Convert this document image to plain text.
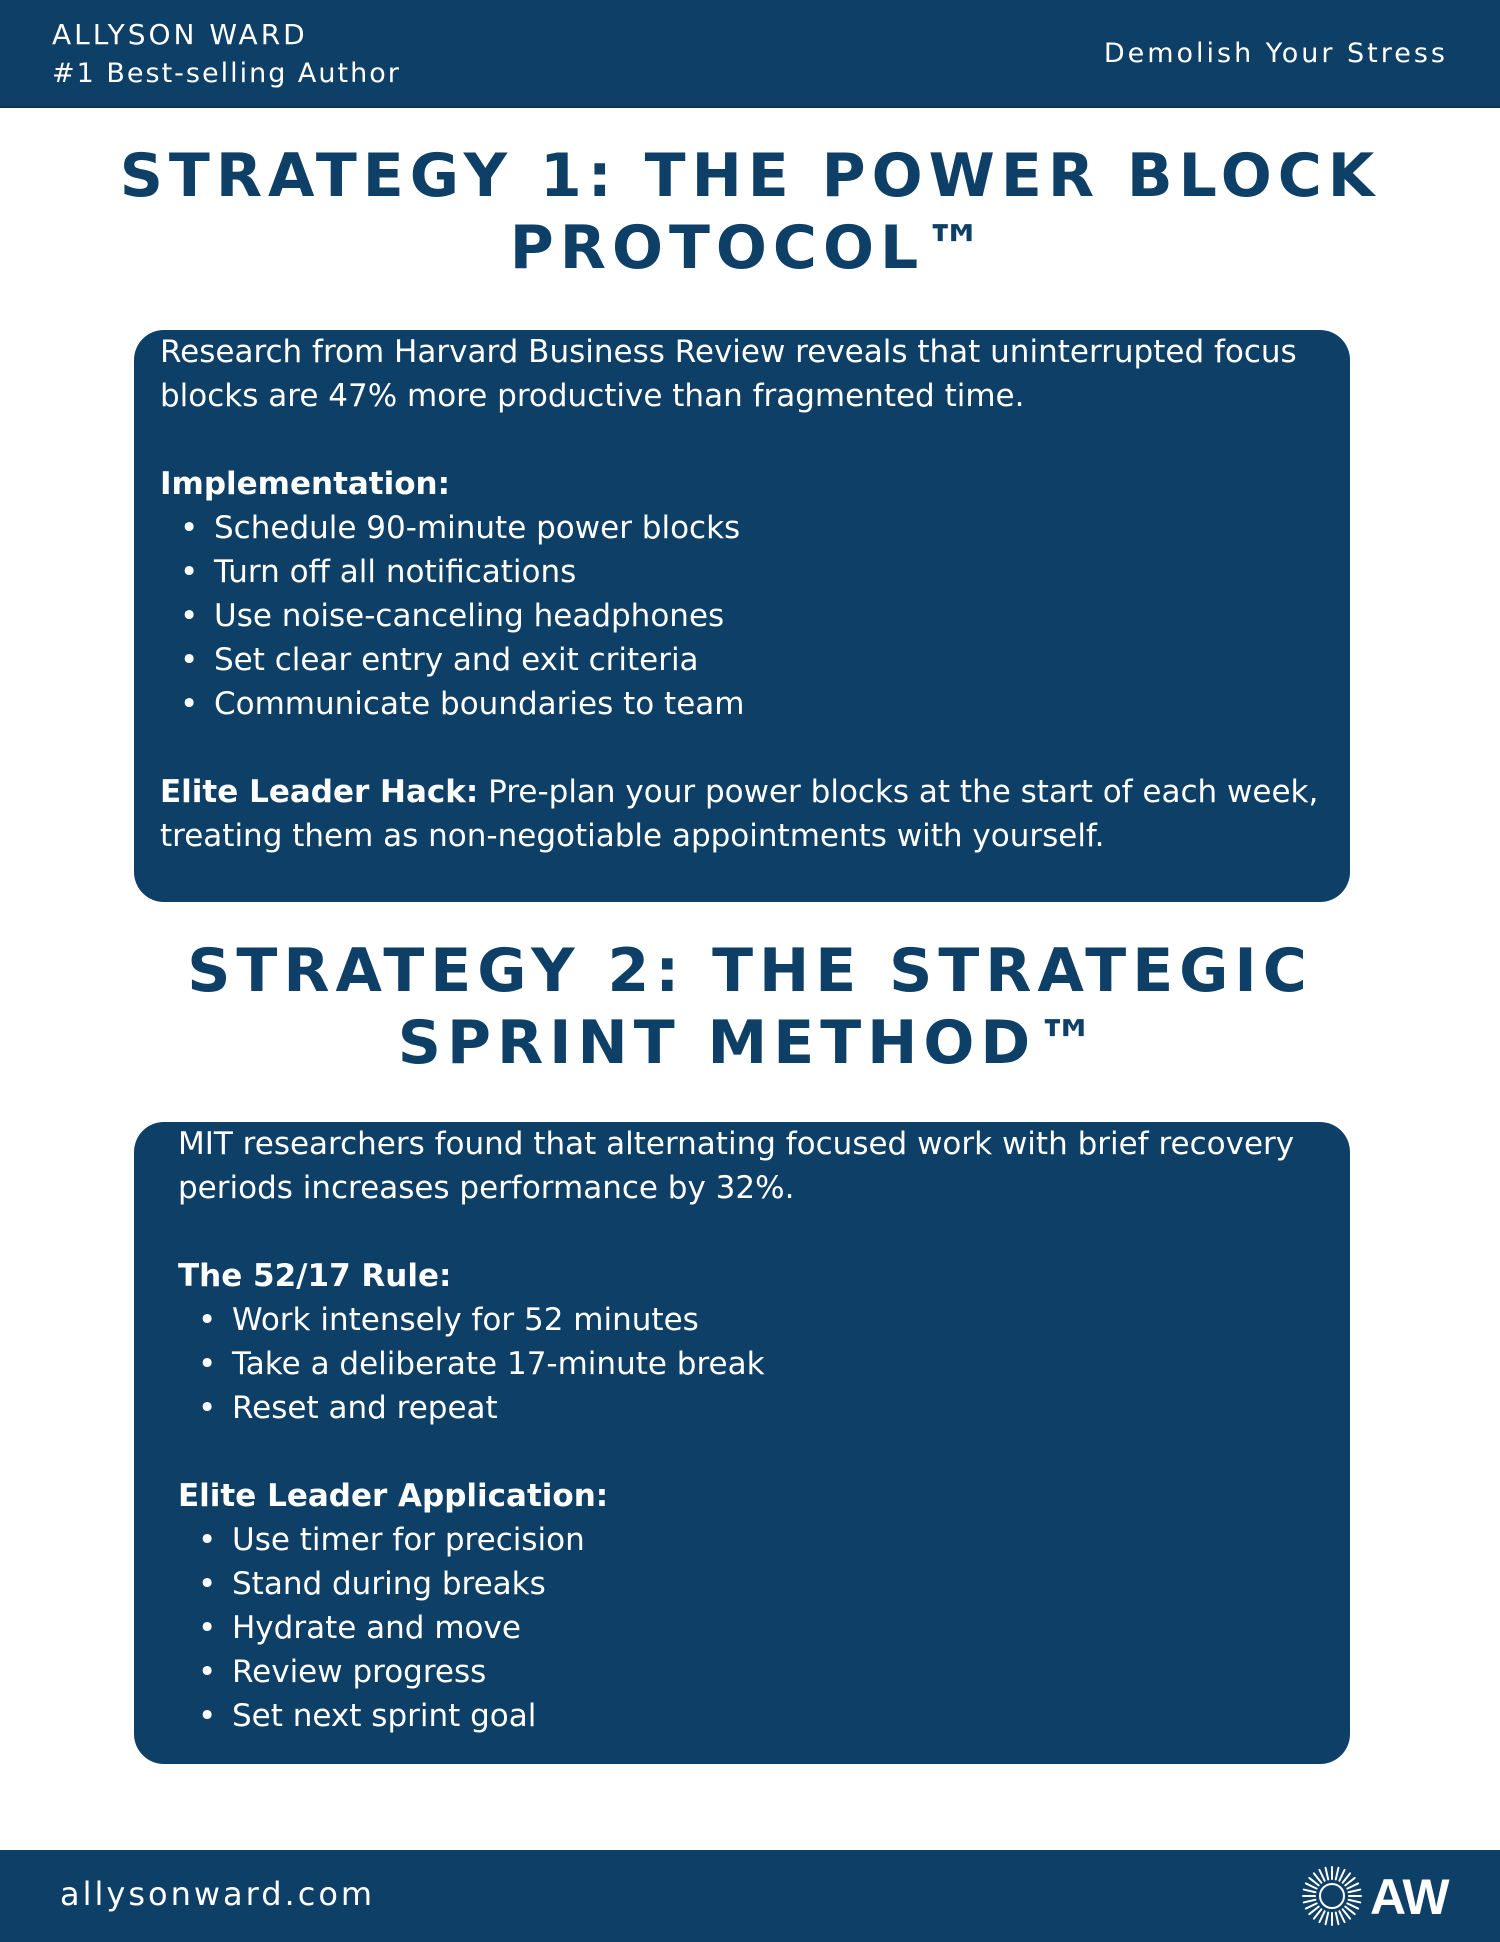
ALLYSON WARD
#1 Best-selling Author
Demolish Your Stress
STRATEGY 1: THE POWER BLOCK
PROTOCOL™

Research from Harvard Business Review reveals that uninterrupted focus blocks are 47% more productive than fragmented time.

Implementation:

• Schedule 90-minute power blocks
• Turn off all notifications
• Use noise-canceling headphones
• Set clear entry and exit criteria
• Communicate boundaries to team

Elite Leader Hack: Pre-plan your power blocks at the start of each week, treating them as non-negotiable appointments with yourself.

STRATEGY 2: THE STRATEGIC
SPRINT METHOD™

MIT researchers found that alternating focused work with brief recovery periods increases performance by 32%.

The 52/17 Rule:

• Work intensely for 52 minutes
• Take a deliberate 17-minute break
• Reset and repeat

Elite Leader Application:

• Use timer for precision
• Stand during breaks
• Hydrate and move
• Review progress
• Set next sprint goal
allysonward.com	AW
